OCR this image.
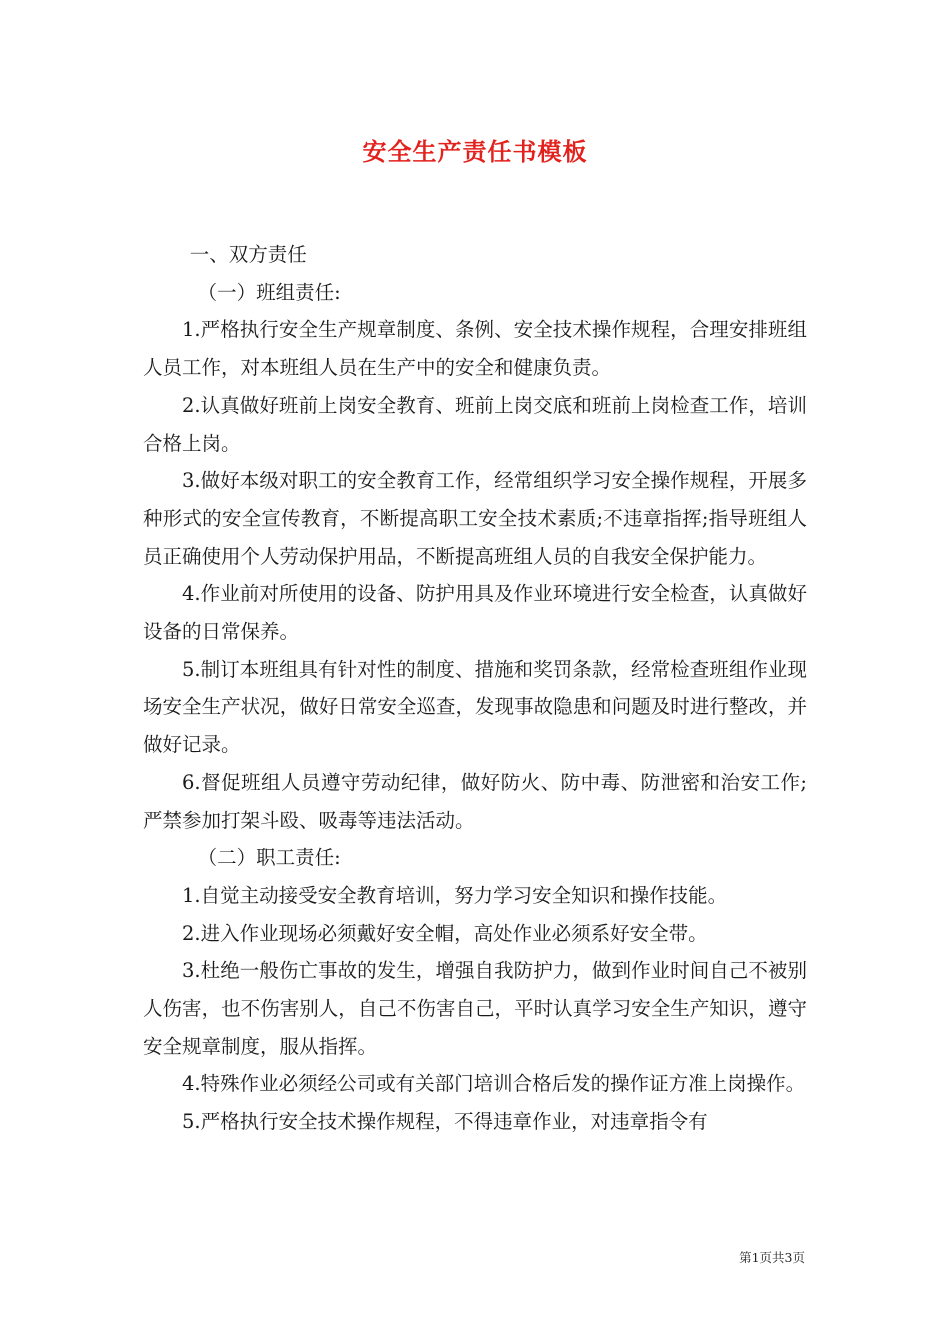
安全生产责任书模板

一、双方责任

（一）班组责任:

1.严格执行安全生产规章制度、条例、安全技术操作规程，合理安排班组人员工作，对本班组人员在生产中的安全和健康负责。

2.认真做好班前上岗安全教育、班前上岗交底和班前上岗检查工作，培训合格上岗。

3.做好本级对职工的安全教育工作，经常组织学习安全操作规程，开展多种形式的安全宣传教育，不断提高职工安全技术素质;不违章指挥;指导班组人员正确使用个人劳动保护用品，不断提高班组人员的自我安全保护能力。

4.作业前对所使用的设备、防护用具及作业环境进行安全检查，认真做好设备的日常保养。

5.制订本班组具有针对性的制度、措施和奖罚条款，经常检查班组作业现场安全生产状况，做好日常安全巡查，发现事故隐患和问题及时进行整改，并做好记录。

6.督促班组人员遵守劳动纪律，做好防火、防中毒、防泄密和治安工作;严禁参加打架斗殴、吸毒等违法活动。

（二）职工责任:

1.自觉主动接受安全教育培训，努力学习安全知识和操作技能。

2.进入作业现场必须戴好安全帽，高处作业必须系好安全带。

3.杜绝一般伤亡事故的发生，增强自我防护力，做到作业时间自己不被别人伤害，也不伤害别人，自己不伤害自己，平时认真学习安全生产知识，遵守安全规章制度，服从指挥。

4.特殊作业必须经公司或有关部门培训合格后发的操作证方准上岗操作。

5.严格执行安全技术操作规程，不得违章作业，对违章指令有

第1页共3页
